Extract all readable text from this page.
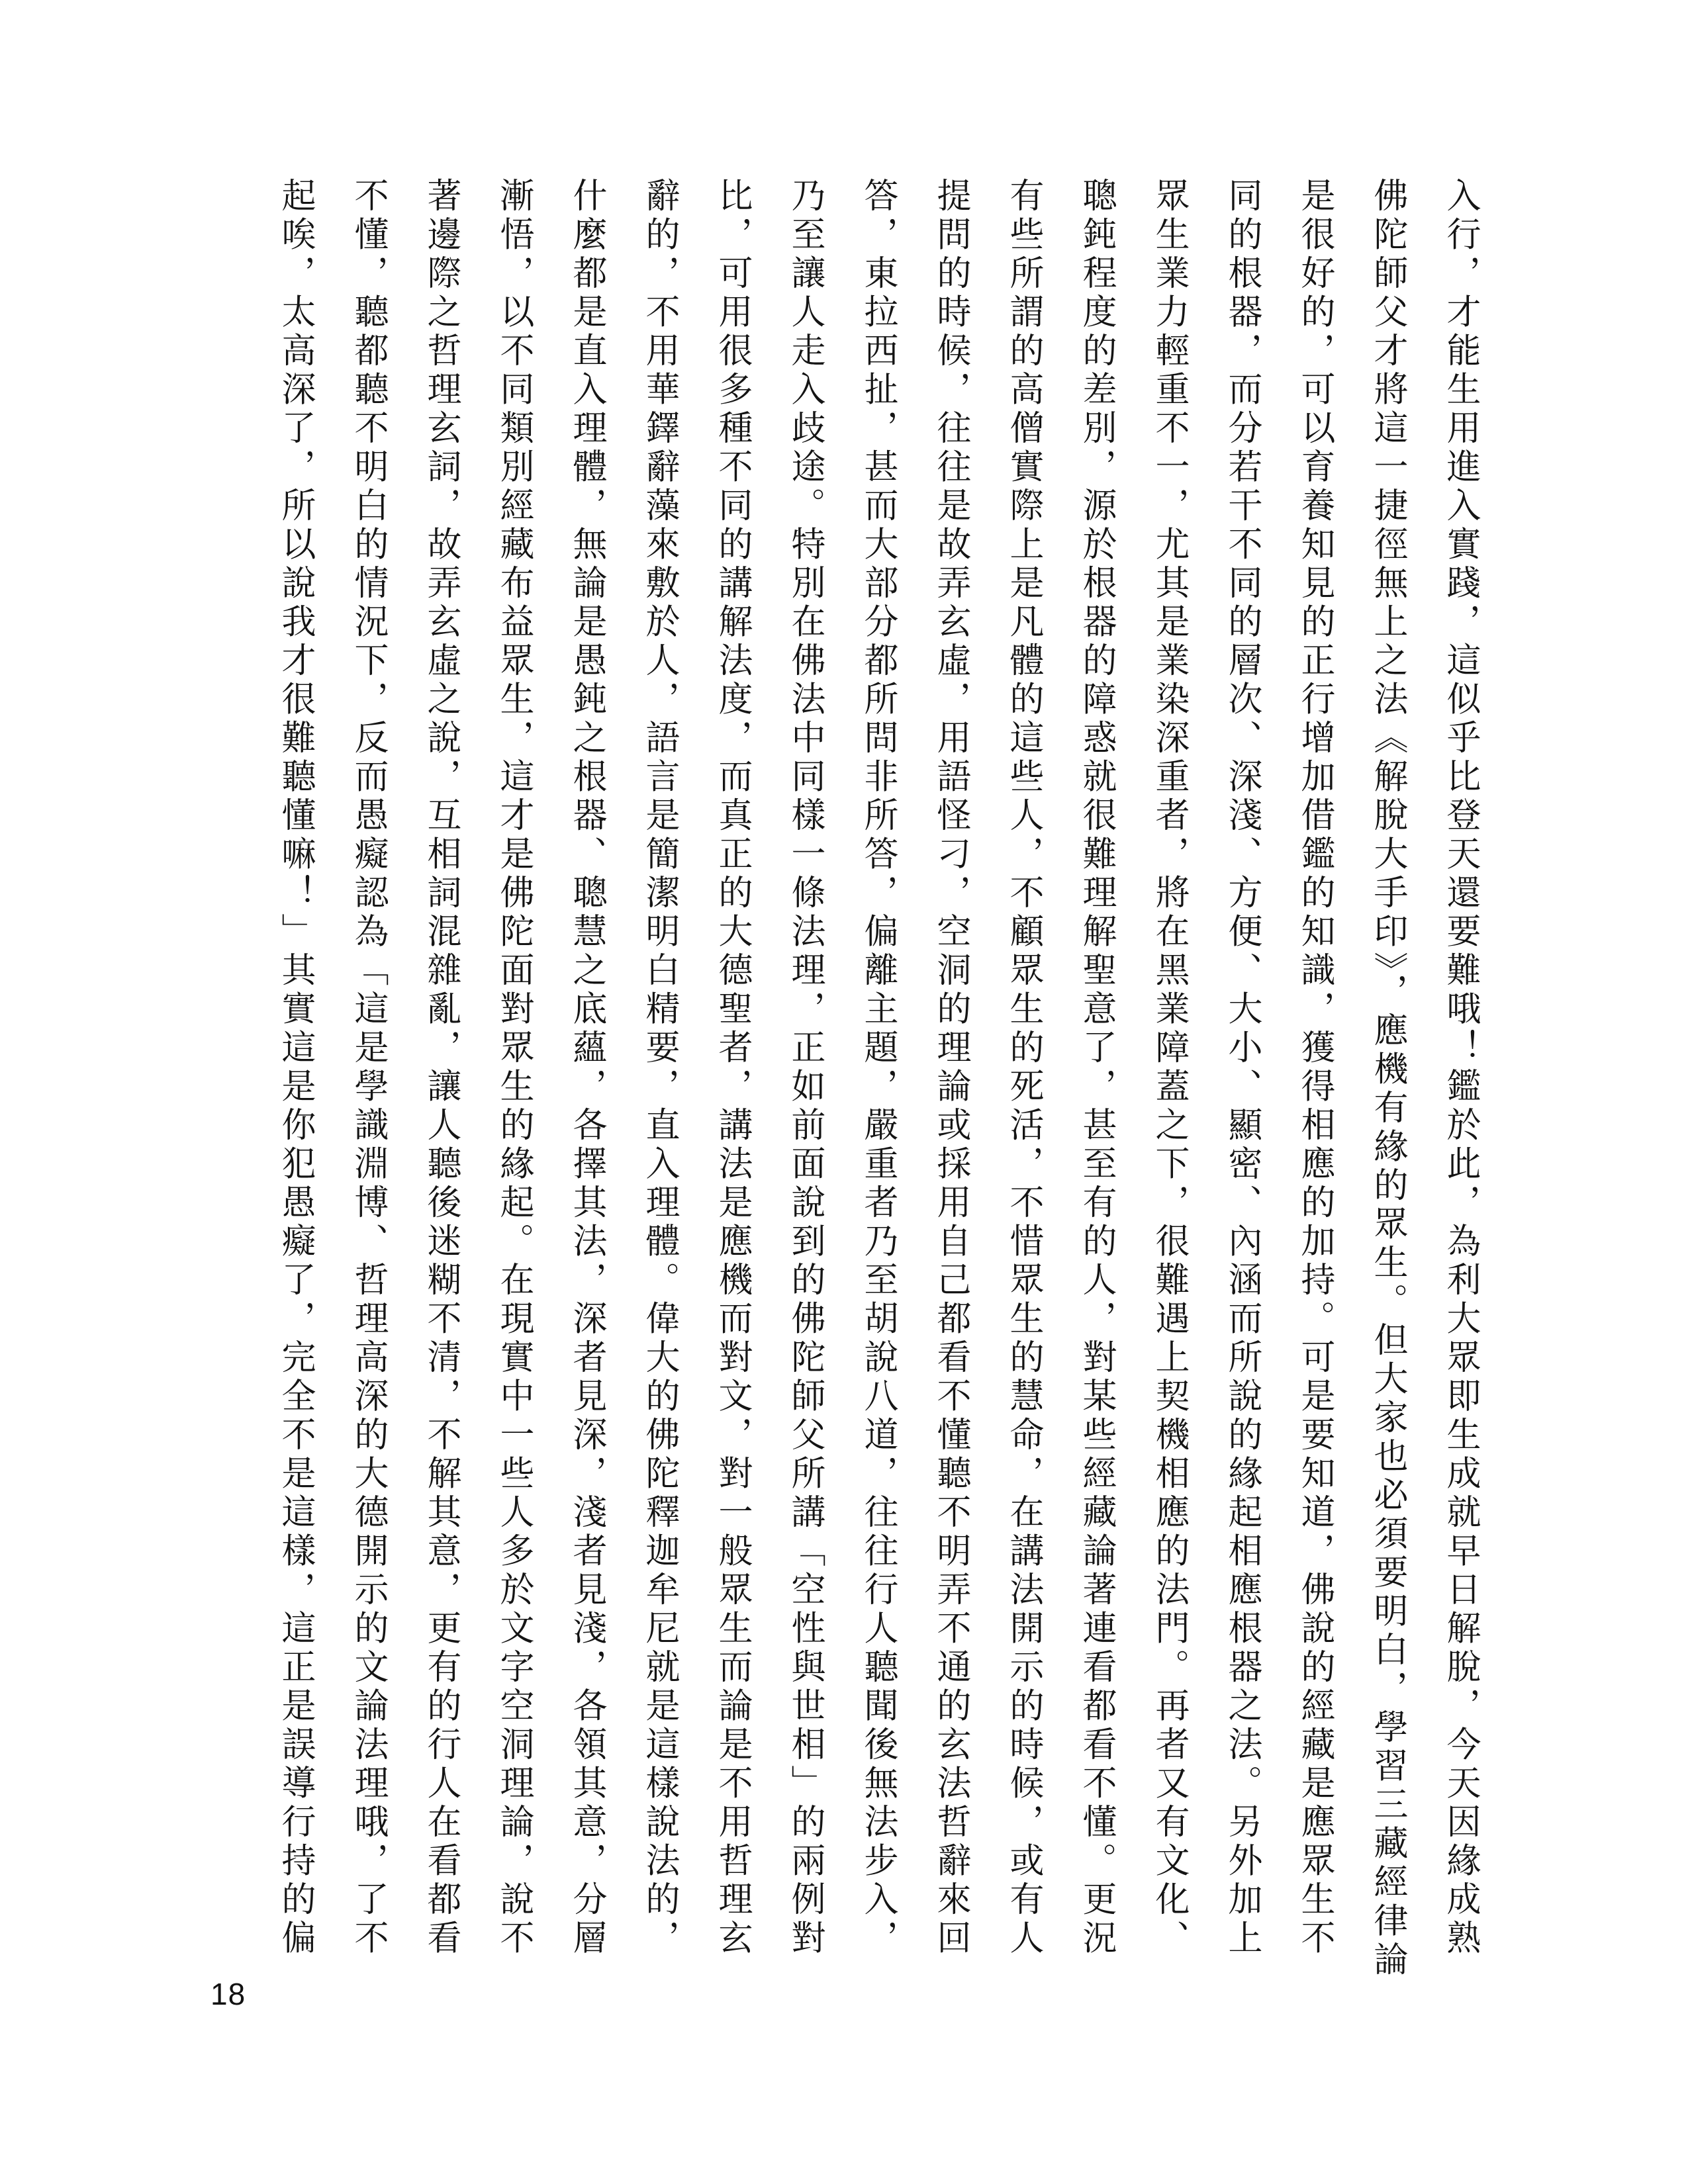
入行，才能生用進入實踐，這似乎比登天還要難哦！鑑於此，為利大眾即生成就早日解脫，今天因緣成熟
佛陀師父才將這一捷徑無上之法《解脫大手印》，應機有緣的眾生。但大家也必須要明白，學習三藏經律論
是很好的，可以育養知見的正行增加借鑑的知識，獲得相應的加持。可是要知道，佛說的經藏是應眾生不
同的根器，而分若干不同的層次、深淺、方便、大小、顯密、內涵而所說的緣起相應根器之法。另外加上
眾生業力輕重不一，尤其是業染深重者，將在黑業障蓋之下，很難遇上契機相應的法門。再者又有文化、
聰鈍程度的差別，源於根器的障惑就很難理解聖意了，甚至有的人，對某些經藏論著連看都看不懂。更況
有些所謂的高僧實際上是凡體的這些人，不顧眾生的死活，不惜眾生的慧命，在講法開示的時候，或有人
提問的時候，往往是故弄玄虛，用語怪刁，空洞的理論或採用自己都看不懂聽不明弄不通的玄法哲辭來回
答，東拉西扯，甚而大部分都所問非所答，偏離主題，嚴重者乃至胡說八道，往往行人聽聞後無法步入，
乃至讓人走入歧途。特別在佛法中同樣一條法理，正如前面說到的佛陀師父所講「空性與世相」的兩例對
比，可用很多種不同的講解法度，而真正的大德聖者，講法是應機而對文，對一般眾生而論是不用哲理玄
辭的，不用華鐸辭藻來敷於人，語言是簡潔明白精要，直入理體。偉大的佛陀釋迦牟尼就是這樣說法的，
什麼都是直入理體，無論是愚鈍之根器、聰慧之底蘊，各擇其法，深者見深，淺者見淺，各領其意，分層
漸悟，以不同類別經藏布益眾生，這才是佛陀面對眾生的緣起。在現實中一些人多於文字空洞理論，說不
著邊際之哲理玄詞，故弄玄虛之說，互相詞混雜亂，讓人聽後迷糊不清，不解其意，更有的行人在看都看
不懂，聽都聽不明白的情況下，反而愚癡認為「這是學識淵博、哲理高深的大德開示的文論法理哦，了不
起唉，太高深了，所以說我才很難聽懂嘛！」其實這是你犯愚癡了，完全不是這樣，這正是誤導行持的偏
18
